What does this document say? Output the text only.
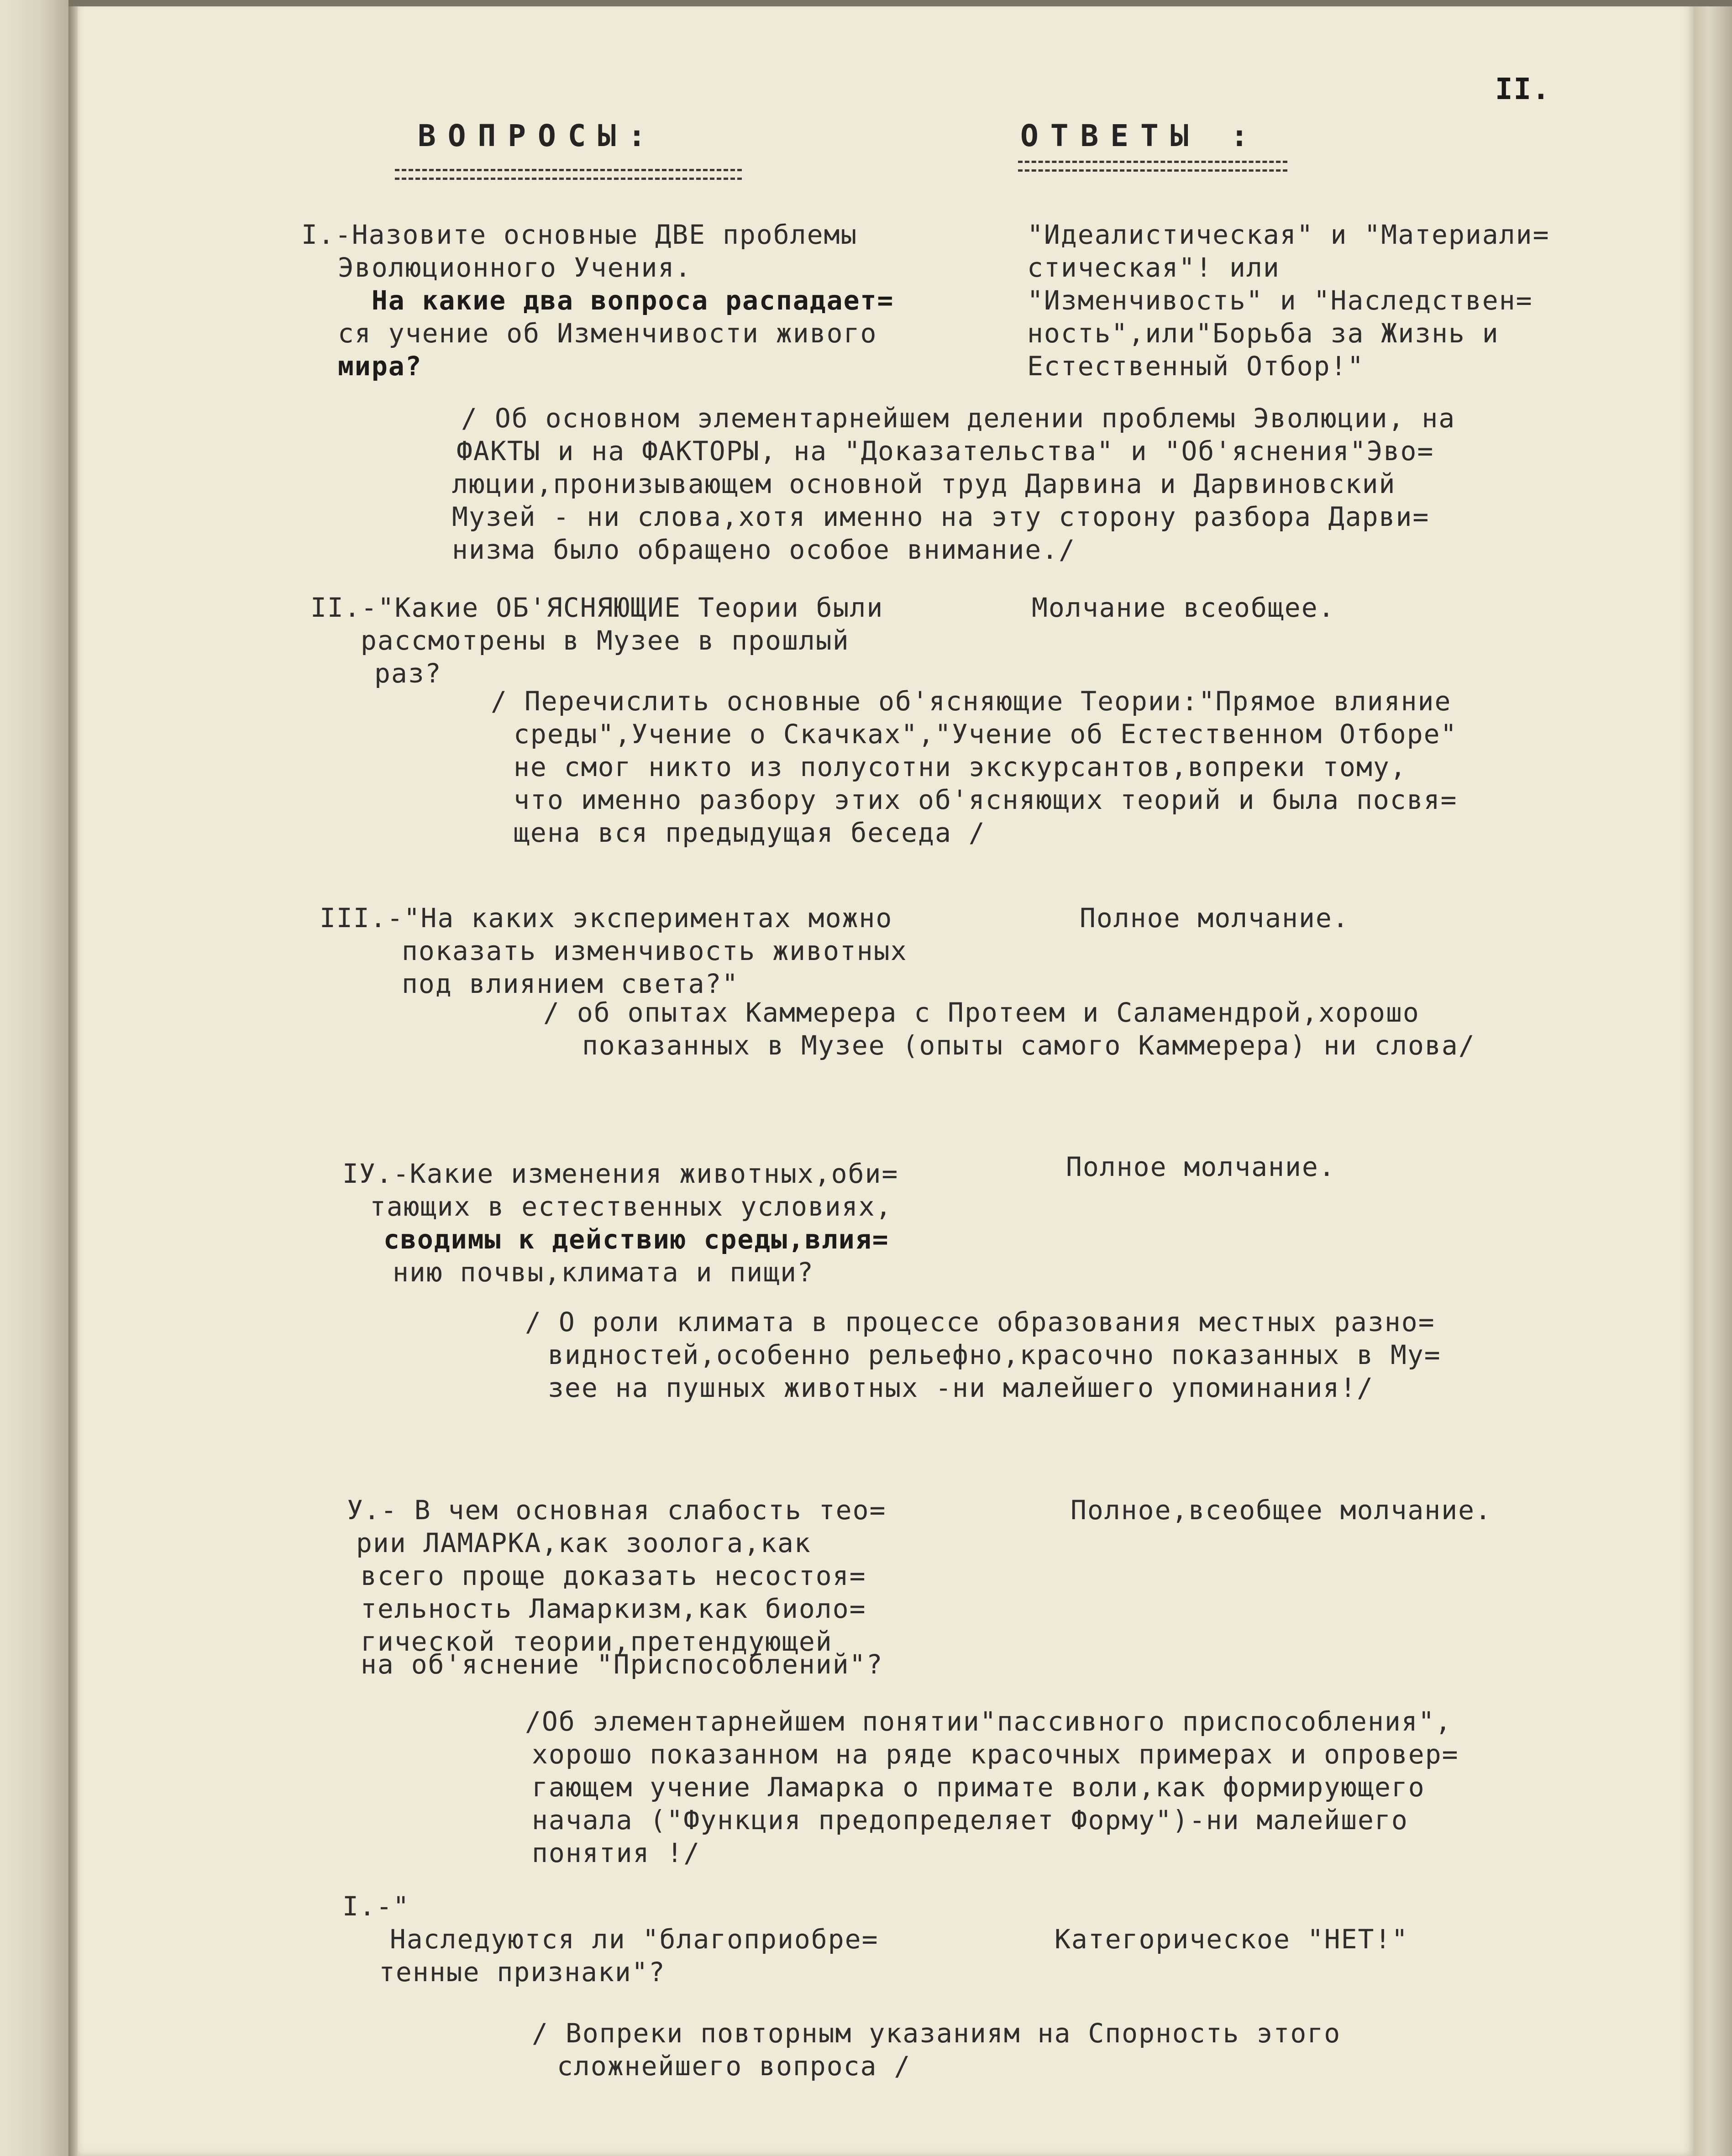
II.
ВОПРОСЫ:	ОТВЕТЫ :
I.-Назовите основные ДВЕ проблемы
Эволюционного Учения.
На какие два вопроса распадает=
ся учение об Изменчивости живого
мира?
"Идеалистическая" и "Материали=
стическая"! или
"Изменчивость" и "Наследствен=
ность",или"Борьба за Жизнь и
Естественный Отбор!"
/ Об основном элементарнейшем делении проблемы Эволюции, на
ФАКТЫ и на ФАКТОРЫ, на "Доказательства" и "Об'яснения"Эво=
люции,пронизывающем основной труд Дарвина и Дарвиновский
Музей - ни слова,хотя именно на эту сторону разбора Дарви=
низма было обращено особое внимание./
II.-"Какие ОБ'ЯСНЯЮЩИЕ Теории были
рассмотрены в Музее в прошлый
раз?
Молчание всеобщее.
/ Перечислить основные об'ясняющие Теории:"Прямое влияние
среды",Учение о Скачках","Учение об Естественном Отборе"
не смог никто из полусотни экскурсантов,вопреки тому,
что именно разбору этих об'ясняющих теорий и была посвя=
щена вся предыдущая беседа /
III.-"На каких экспериментах можно
показать изменчивость животных
под влиянием света?"
Полное молчание.
/ об опытах Каммерера с Протеем и Саламендрой,хорошо
показанных в Музее (опыты самого Каммерера) ни слова/
IУ.-Какие изменения животных,оби=
тающих в естественных условиях,
сводимы к действию среды,влия=
нию почвы,климата и пищи?
Полное молчание.
/ О роли климата в процессе образования местных разно=
видностей,особенно рельефно,красочно показанных в Му=
зее на пушных животных -ни малейшего упоминания!/
У.- В чем основная слабость тео=
рии ЛАМАРКА,как зоолога,как
всего проще доказать несостоя=
тельность Ламаркизм,как биоло=
гической теории,претендующей
на об'яснение "Приспособлений"?
Полное,всеобщее молчание.
/Об элементарнейшем понятии"пассивного приспособления",
хорошо показанном на ряде красочных примерах и опровер=
гающем учение Ламарка о примате воли,как формирующего
начала ("Функция предопределяет Форму")-ни малейшего
понятия !/
I.-"
Наследуются ли "благоприобре=
тенные признаки"?
Категорическое "НЕТ!"
/ Вопреки повторным указаниям на Спорность этого
сложнейшего вопроса /
